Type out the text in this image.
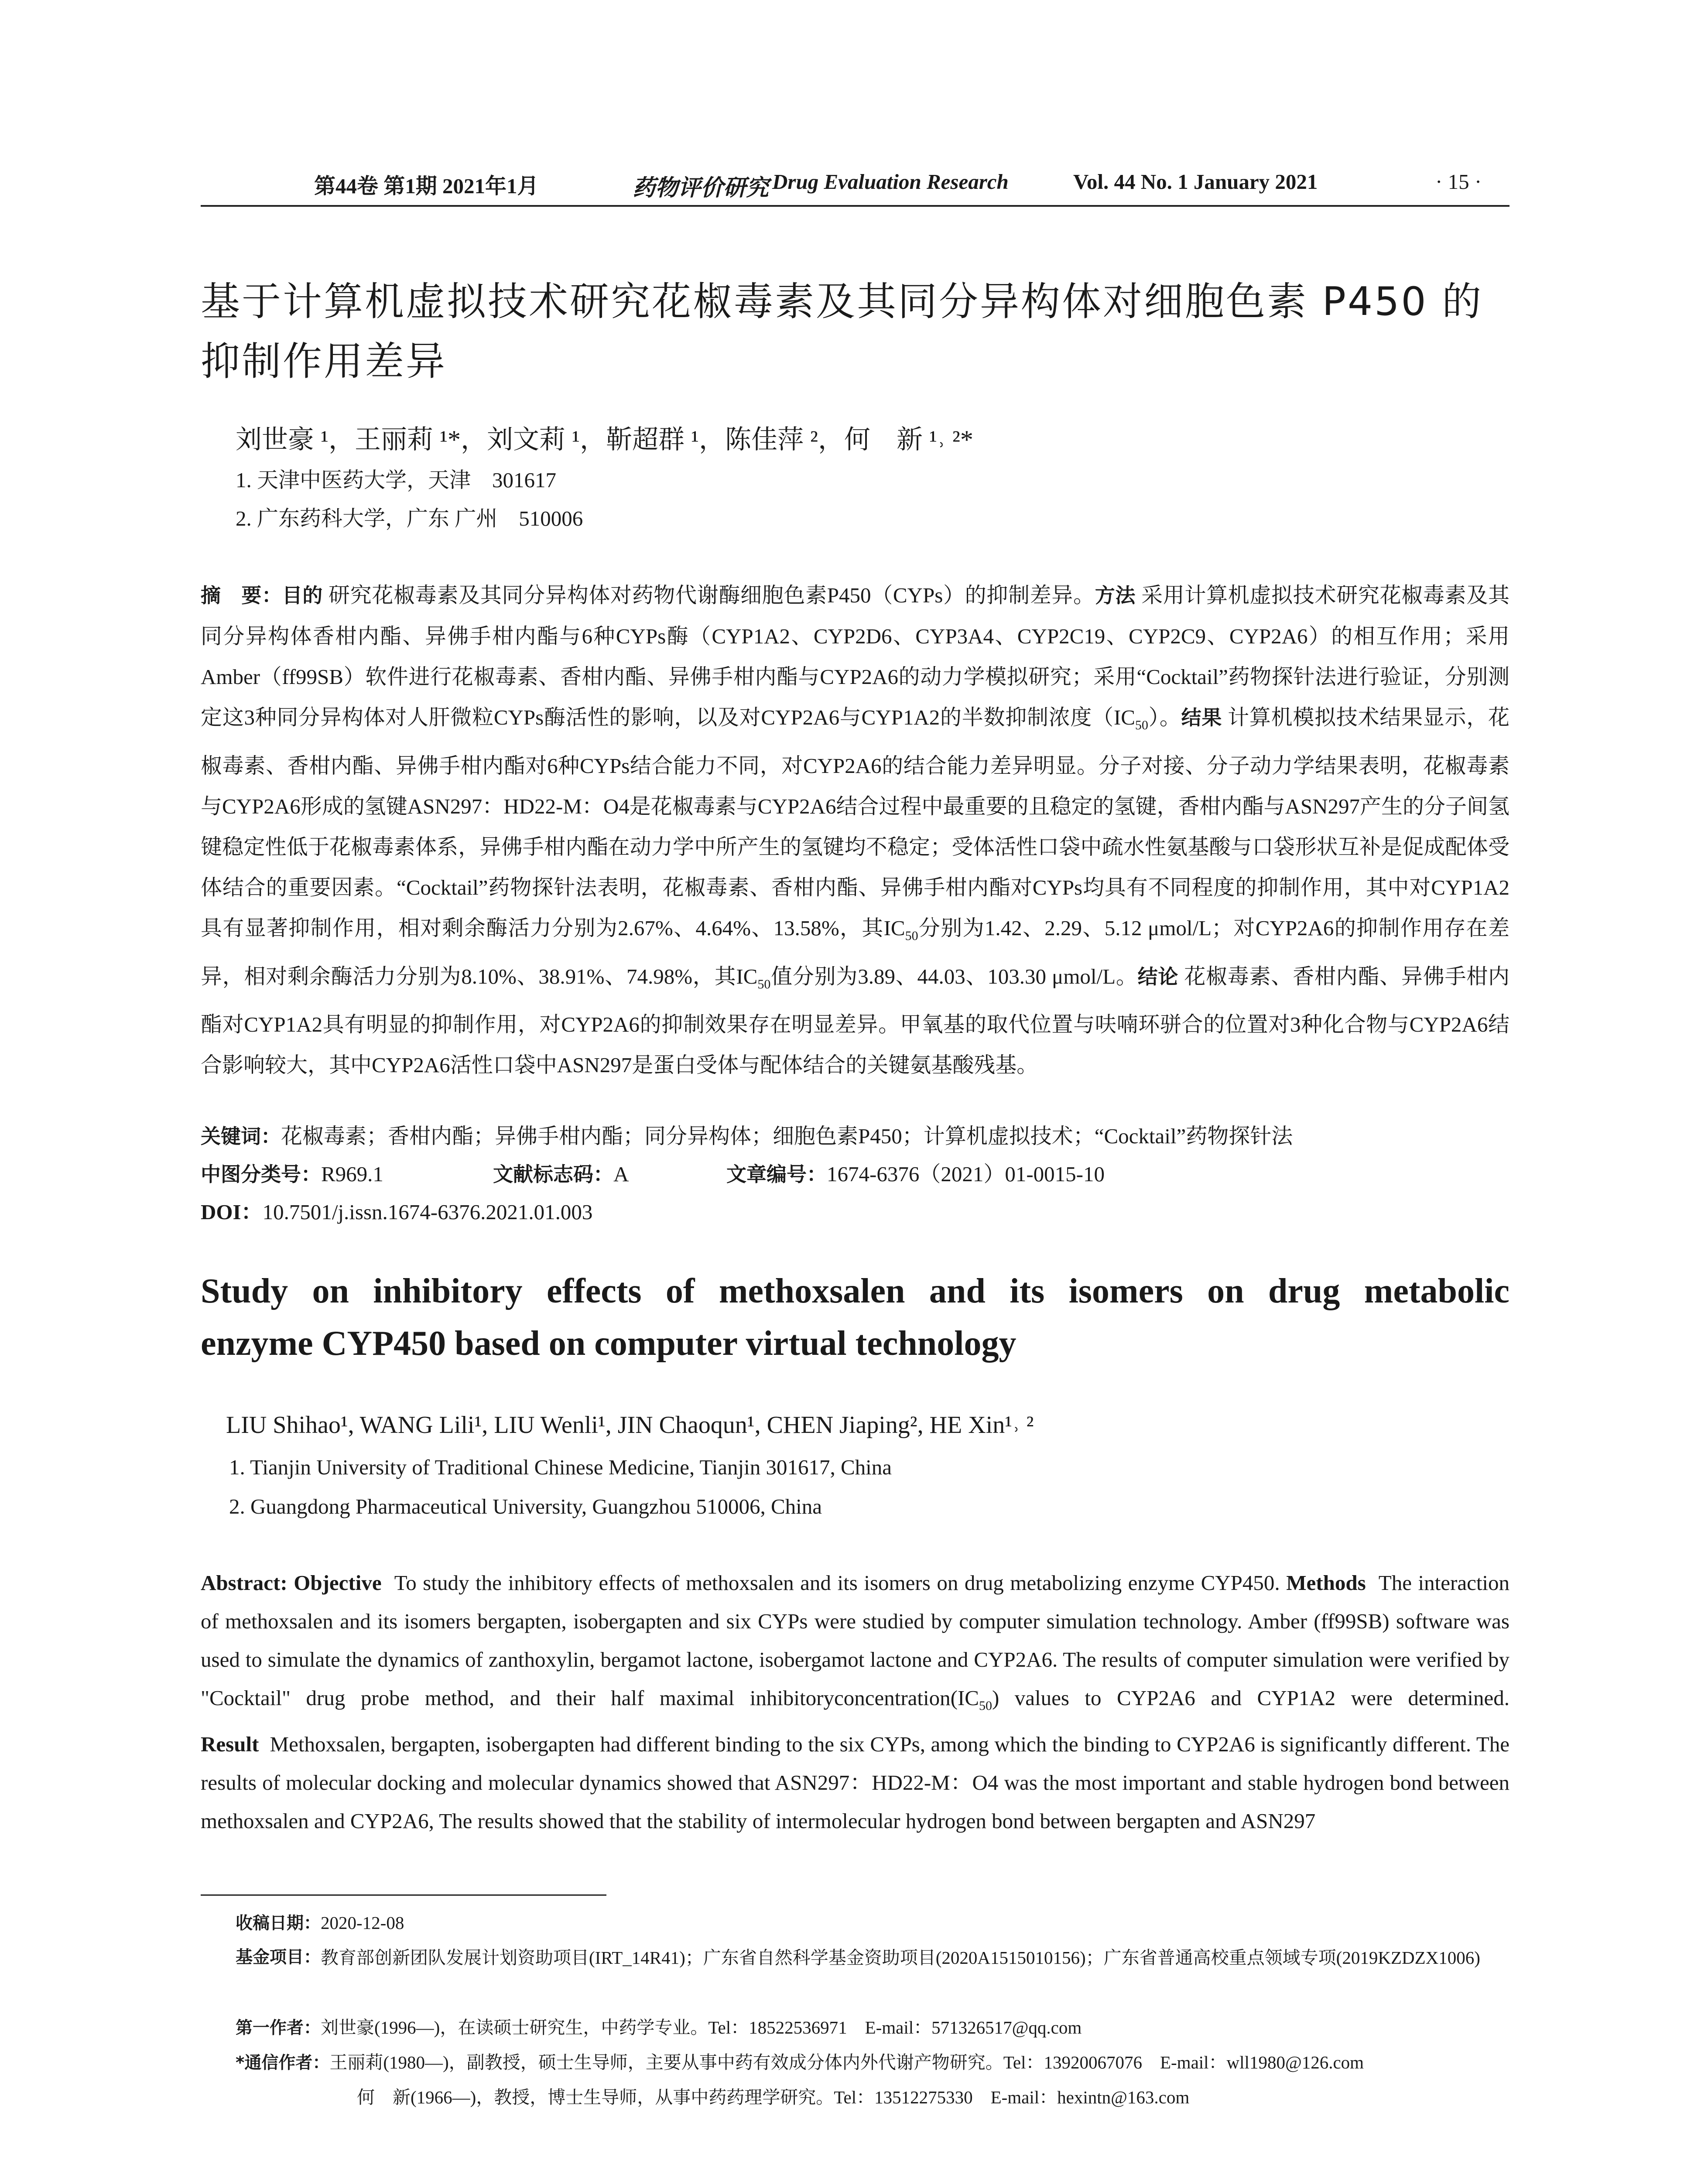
第44卷 第1期 2021年1月	药物评价研究 Drug Evaluation Research	Vol. 44 No. 1 January 2021	· 15 ·
基于计算机虚拟技术研究花椒毒素及其同分异构体对细胞色素 P450 的
抑制作用差异
刘世豪 ¹，王丽莉 ¹*，刘文莉 ¹，靳超群 ¹，陈佳萍 ²，何　新 ¹˒ ²*
1. 天津中医药大学，天津　301617
2. 广东药科大学，广东 广州　510006
摘　要：目的 研究花椒毒素及其同分异构体对药物代谢酶细胞色素P450（CYPs）的抑制差异。方法 采用计算机虚拟技术研究花椒毒素及其同分异构体香柑内酯、异佛手柑内酯与6种CYPs酶（CYP1A2、CYP2D6、CYP3A4、CYP2C19、CYP2C9、CYP2A6）的相互作用；采用Amber（ff99SB）软件进行花椒毒素、香柑内酯、异佛手柑内酯与CYP2A6的动力学模拟研究；采用“Cocktail”药物探针法进行验证，分别测定这3种同分异构体对人肝微粒CYPs酶活性的影响，以及对CYP2A6与CYP1A2的半数抑制浓度$(IC_{50})$。结果 计算机模拟技术结果显示，花椒毒素、香柑内酯、异佛手柑内酯对6种CYPs结合能力不同，对CYP2A6的结合能力差异明显。分子对接、分子动力学结果表明，花椒毒素与CYP2A6形成的氢键ASN297：HD22-M：O4是花椒毒素与CYP2A6结合过程中最重要的且稳定的氢键，香柑内酯与ASN297产生的分子间氢键稳定性低于花椒毒素体系，异佛手柑内酯在动力学中所产生的氢键均不稳定；受体活性口袋中疏水性氨基酸与口袋形状互补是促成配体受体结合的重要因素。“Cocktail”药物探针法表明，花椒毒素、香柑内酯、异佛手柑内酯对CYPs均具有不同程度的抑制作用，其中对CYP1A2具有显著抑制作用，相对剩余酶活力分别为2.67%、4.64%、13.58%，其$IC_{50}$分别为1.42、2.29、5.12 μmol/L；对CYP2A6的抑制作用存在差异，相对剩余酶活力分别为8.10%、38.91%、74.98%，其$IC_{50}$值分别为3.89、44.03、103.30 μmol/L。结论 花椒毒素、香柑内酯、异佛手柑内酯对CYP1A2具有明显的抑制作用，对CYP2A6的抑制效果存在明显差异。甲氧基的取代位置与呋喃环骈合的位置对3种化合物与CYP2A6结合影响较大，其中CYP2A6活性口袋中ASN297是蛋白受体与配体结合的关键氨基酸残基。
关键词：花椒毒素；香柑内酯；异佛手柑内酯；同分异构体；细胞色素P450；计算机虚拟技术；“Cocktail”药物探针法
中图分类号：R969.1	文献标志码：A	文章编号：1674-6376（2021）01-0015-10
DOI：10.7501/j.issn.1674-6376.2021.01.003
Study on inhibitory effects of methoxsalen and its isomers on drug metabolic
enzyme CYP450 based on computer virtual technology
LIU Shihao¹, WANG Lili¹, LIU Wenli¹, JIN Chaoqun¹, CHEN Jiaping², HE Xin¹˒ ²
1. Tianjin University of Traditional Chinese Medicine, Tianjin 301617, China
2. Guangdong Pharmaceutical University, Guangzhou 510006, China
Abstract: Objective To study the inhibitory effects of methoxsalen and its isomers on drug metabolizing enzyme CYP450. Methods The interaction of methoxsalen and its isomers bergapten, isobergapten and six CYPs were studied by computer simulation technology. Amber (ff99SB) software was used to simulate the dynamics of zanthoxylin, bergamot lactone, isobergamot lactone and CYP2A6. The results of computer simulation were verified by "Cocktail" drug probe method, and their half maximal $inhibitoryconcentration(IC_{50})$ values to CYP2A6 and CYP1A2 were determined. Result Methoxsalen, bergapten, isobergapten had different binding to the six CYPs, among which the binding to CYP2A6 is significantly different. The results of molecular docking and molecular dynamics showed that ASN297：HD22-M：O4 was the most important and stable hydrogen bond between methoxsalen and CYP2A6, The results showed that the stability of intermolecular hydrogen bond between bergapten and ASN297
收稿日期：2020-12-08
基金项目： 教育部创新团队发展计划资助项目(IRT_14R41)；广东省自然科学基金资助项目(2020A1515010156)；广东省普通高校重点领域专项(2019KZDZX1006)
第一作者：刘世豪(1996—)，在读硕士研究生，中药学专业。Tel：18522536971　E-mail：571326517@qq.com
*通信作者：王丽莉(1980—)，副教授，硕士生导师，主要从事中药有效成分体内外代谢产物研究。Tel：13920067076　E-mail：wll1980@126.com
何　新(1966—)，教授，博士生导师，从事中药药理学研究。Tel：13512275330　E-mail：hexintn@163.com
